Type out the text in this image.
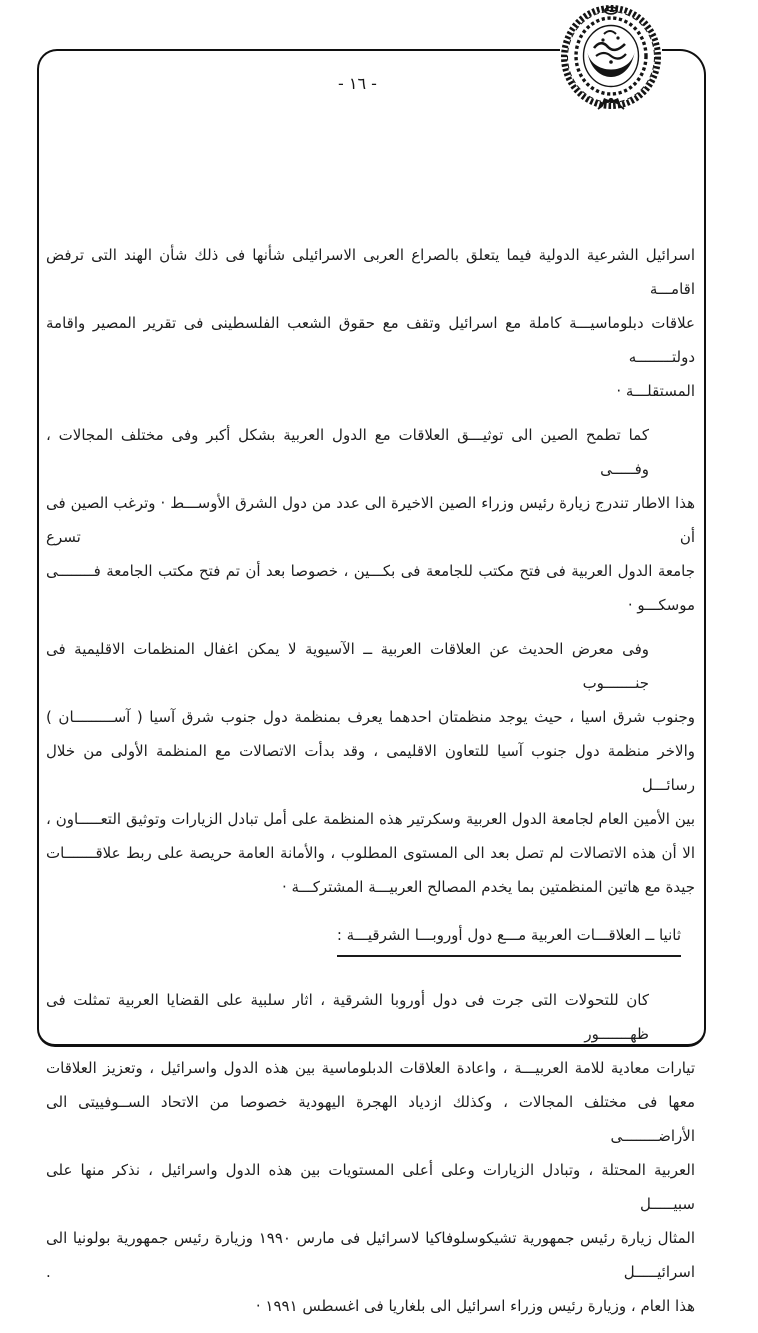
- ١٦ -
اسرائيل الشرعية الدولية فيما يتعلق بالصراع العربى الاسرائيلى شأنها فى ذلك شأن الهند التى ترفض اقامـــة
علاقات دبلوماسيـــة كاملة مع اسرائيل وتقف مع حقوق الشعب الفلسطينى فى تقرير المصير واقامة دولتــــــــه
المستقلـــة ·
كما تطمح الصين الى توثيـــق العلاقات مع الدول العربية بشكل أكبر وفى مختلف المجالات ، وفـــــى
هذا الاطار تندرج زيارة رئيس وزراء الصين الاخيرة الى عدد من دول الشرق الأوســـط · وترغب الصين فى أن تسرع
جامعة الدول العربية فى فتح مكتب للجامعة فى بكـــين ، خصوصا بعد أن تم فتح مكتب الجامعة فــــــــى
موسكـــو ·
وفى معرض الحديث عن العلاقات العربية ــ الآسيوية لا يمكن اغفال المنظمات الاقليمية فى جنـــــــوب
وجنوب شرق اسيا ، حيث يوجد منظمتان احدهما يعرف بمنظمة دول جنوب شرق آسيا ( آســـــــــان )
والاخر منظمة دول جنوب آسيا للتعاون الاقليمى ، وقد بدأت الاتصالات مع المنظمة الأولى من خلال رسائـــل
بين الأمين العام لجامعة الدول العربية وسكرتير هذه المنظمة على أمل تبادل الزيارات وتوثيق التعـــــاون ،
الا أن هذه الاتصالات لم تصل بعد الى المستوى المطلوب ، والأمانة العامة حريصة على ربط علاقـــــــات
جيدة مع هاتين المنظمتين بما يخدم المصالح العربيـــة المشتركـــة ·
ثانيا ــ العلاقـــات العربية مـــع دول أوروبـــا الشرقيـــة :
كان للتحولات التى جرت فى دول أوروبا الشرقية ، اثار سلبية على القضايا العربية تمثلت فى ظهـــــــور
تيارات معادية للامة العربيـــة ، واعادة العلاقات الدبلوماسية بين هذه الدول واسرائيل ، وتعزيز العلاقات
معها فى مختلف المجالات ، وكذلك ازدياد الهجرة اليهودية خصوصا من الاتحاد الســوفييتى الى الأراضــــــــى
العربية المحتلة ، وتبادل الزيارات وعلى أعلى المستويات بين هذه الدول واسرائيل ، نذكر منها على سبيـــــل
المثال زيارة رئيس جمهورية تشيكوسلوفاكيا لاسرائيل فى مارس ١٩٩٠ وزيارة رئيس جمهورية بولونيا الى اسرائيـــــل .
هذا العام ، وزيارة رئيس وزراء اسرائيل الى بلغاريا فى اغسطس ١٩٩١ ·
